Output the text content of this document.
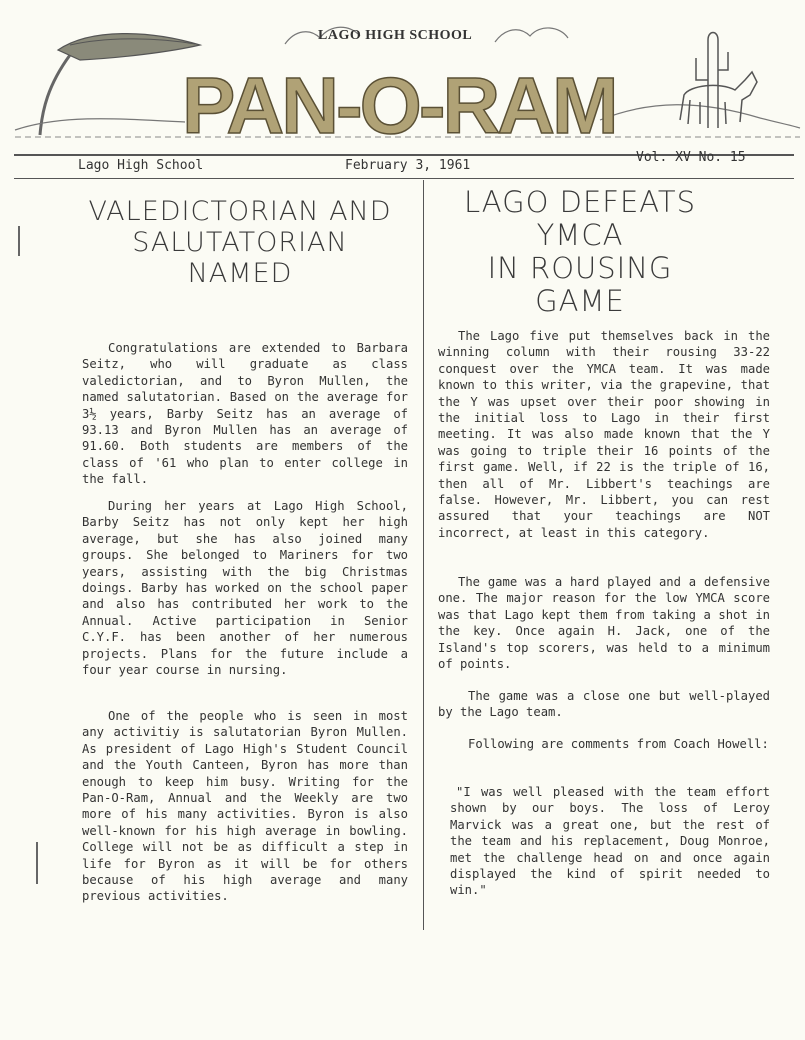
LAGO HIGH SCHOOL
PAN-O-RAM
Lago High School	February 3, 1961
Vol. XV No. 15
VALEDICTORIAN AND
SALUTATORIAN
NAMED
LAGO DEFEATS
YMCA
IN ROUSING
GAME

Congratulations are extended to Barbara Seitz, who will graduate as class valedictorian, and to Byron Mullen, the named salutatorian. Based on the average for 3½ years, Barby Seitz has an average of 93.13 and Byron Mullen has an average of 91.60. Both students are members of the class of '61 who plan to enter college in the fall.

During her years at Lago High School, Barby Seitz has not only kept her high average, but she has also joined many groups. She belonged to Mariners for two years, assisting with the big Christmas doings. Barby has worked on the school paper and also has contributed her work to the Annual. Active participation in Senior C.Y.F. has been another of her numerous projects. Plans for the future include a four year course in nursing.

One of the people who is seen in most any activitiy is salutatorian Byron Mullen. As president of Lago High's Student Council and the Youth Canteen, Byron has more than enough to keep him busy. Writing for the Pan-O-Ram, Annual and the Weekly are two more of his many activities. Byron is also well-known for his high average in bowling. College will not be as difficult a step in life for Byron as it will be for others because of his high average and many previous activities.

The Lago five put themselves back in the winning column with their rousing 33-22 conquest over the YMCA team. It was made known to this writer, via the grapevine, that the Y was upset over their poor showing in the initial loss to Lago in their first meeting. It was also made known that the Y was going to triple their 16 points of the first game. Well, if 22 is the triple of 16, then all of Mr. Libbert's teachings are false. However, Mr. Libbert, you can rest assured that your teachings are NOT incorrect, at least in this category.

The game was a hard played and a defensive one. The major reason for the low YMCA score was that Lago kept them from taking a shot in the key. Once again H. Jack, one of the Island's top scorers, was held to a minimum of points.

The game was a close one but well-played by the Lago team.

Following are comments from Coach Howell:

"I was well pleased with the team effort shown by our boys. The loss of Leroy Marvick was a great one, but the rest of the team and his replacement, Doug Monroe, met the challenge head on and once again displayed the kind of spirit needed to win."
